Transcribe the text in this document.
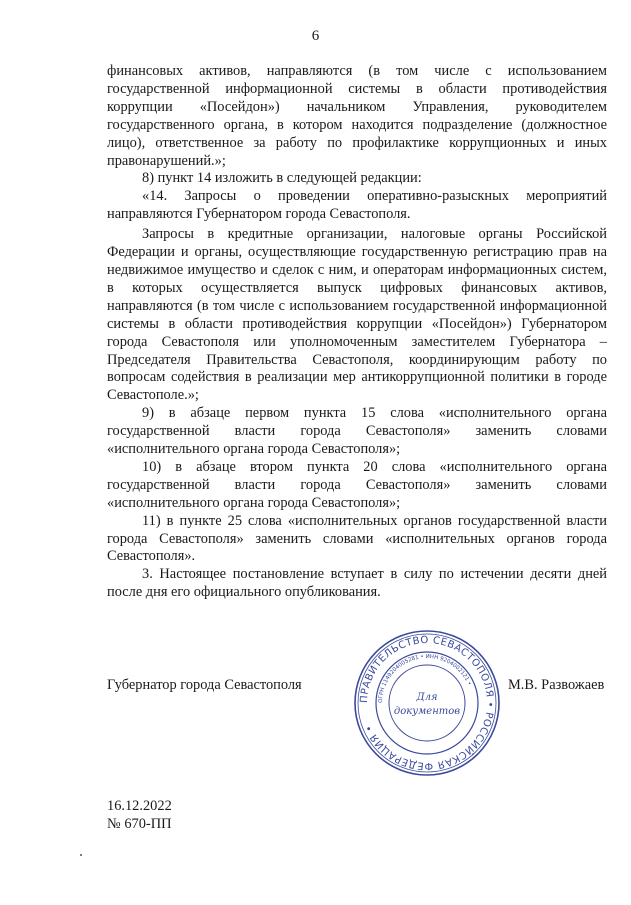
6

финансовых активов, направляются (в том числе с использованием государственной информационной системы в области противодействия коррупции «Посейдон») начальником Управления, руководителем государственного органа, в котором находится подразделение (должностное лицо), ответственное за работу по профилактике коррупционных и иных правонарушений.»;

8) пункт 14 изложить в следующей редакции:

«14. Запросы о проведении оперативно-разыскных мероприятий направляются Губернатором города Севастополя.

Запросы в кредитные организации, налоговые органы Российской Федерации и органы, осуществляющие государственную регистрацию прав на недвижимое имущество и сделок с ним, и операторам информационных систем, в которых осуществляется выпуск цифровых финансовых активов, направляются (в том числе с использованием государственной информационной системы в области противодействия коррупции «Посейдон») Губернатором города Севастополя или уполномоченным заместителем Губернатора – Председателя Правительства Севастополя, координирующим работу по вопросам содействия в реализации мер антикоррупционной политики в городе Севастополе.»;

9) в абзаце первом пункта 15 слова «исполнительного органа государственной власти города Севастополя» заменить словами «исполнительного органа города Севастополя»;

10) в абзаце втором пункта 20 слова «исполнительного органа государственной власти города Севастополя» заменить словами «исполнительного органа города Севастополя»;

11) в пункте 25 слова «исполнительных органов государственной власти города Севастополя» заменить словами «исполнительных органов города Севастополя».

3. Настоящее постановление вступает в силу по истечении десяти дней после дня его официального опубликования.

Губернатор города Севастополя
ПРАВИТЕЛЬСТВО СЕВАСТОПОЛЯ • РОССИЙСКАЯ ФЕДЕРАЦИЯ •
ОГРН 1149204005281 • ИНН 9204002121 •
Для
документов
М.В. Развожаев
16.12.2022
№ 670-ПП
